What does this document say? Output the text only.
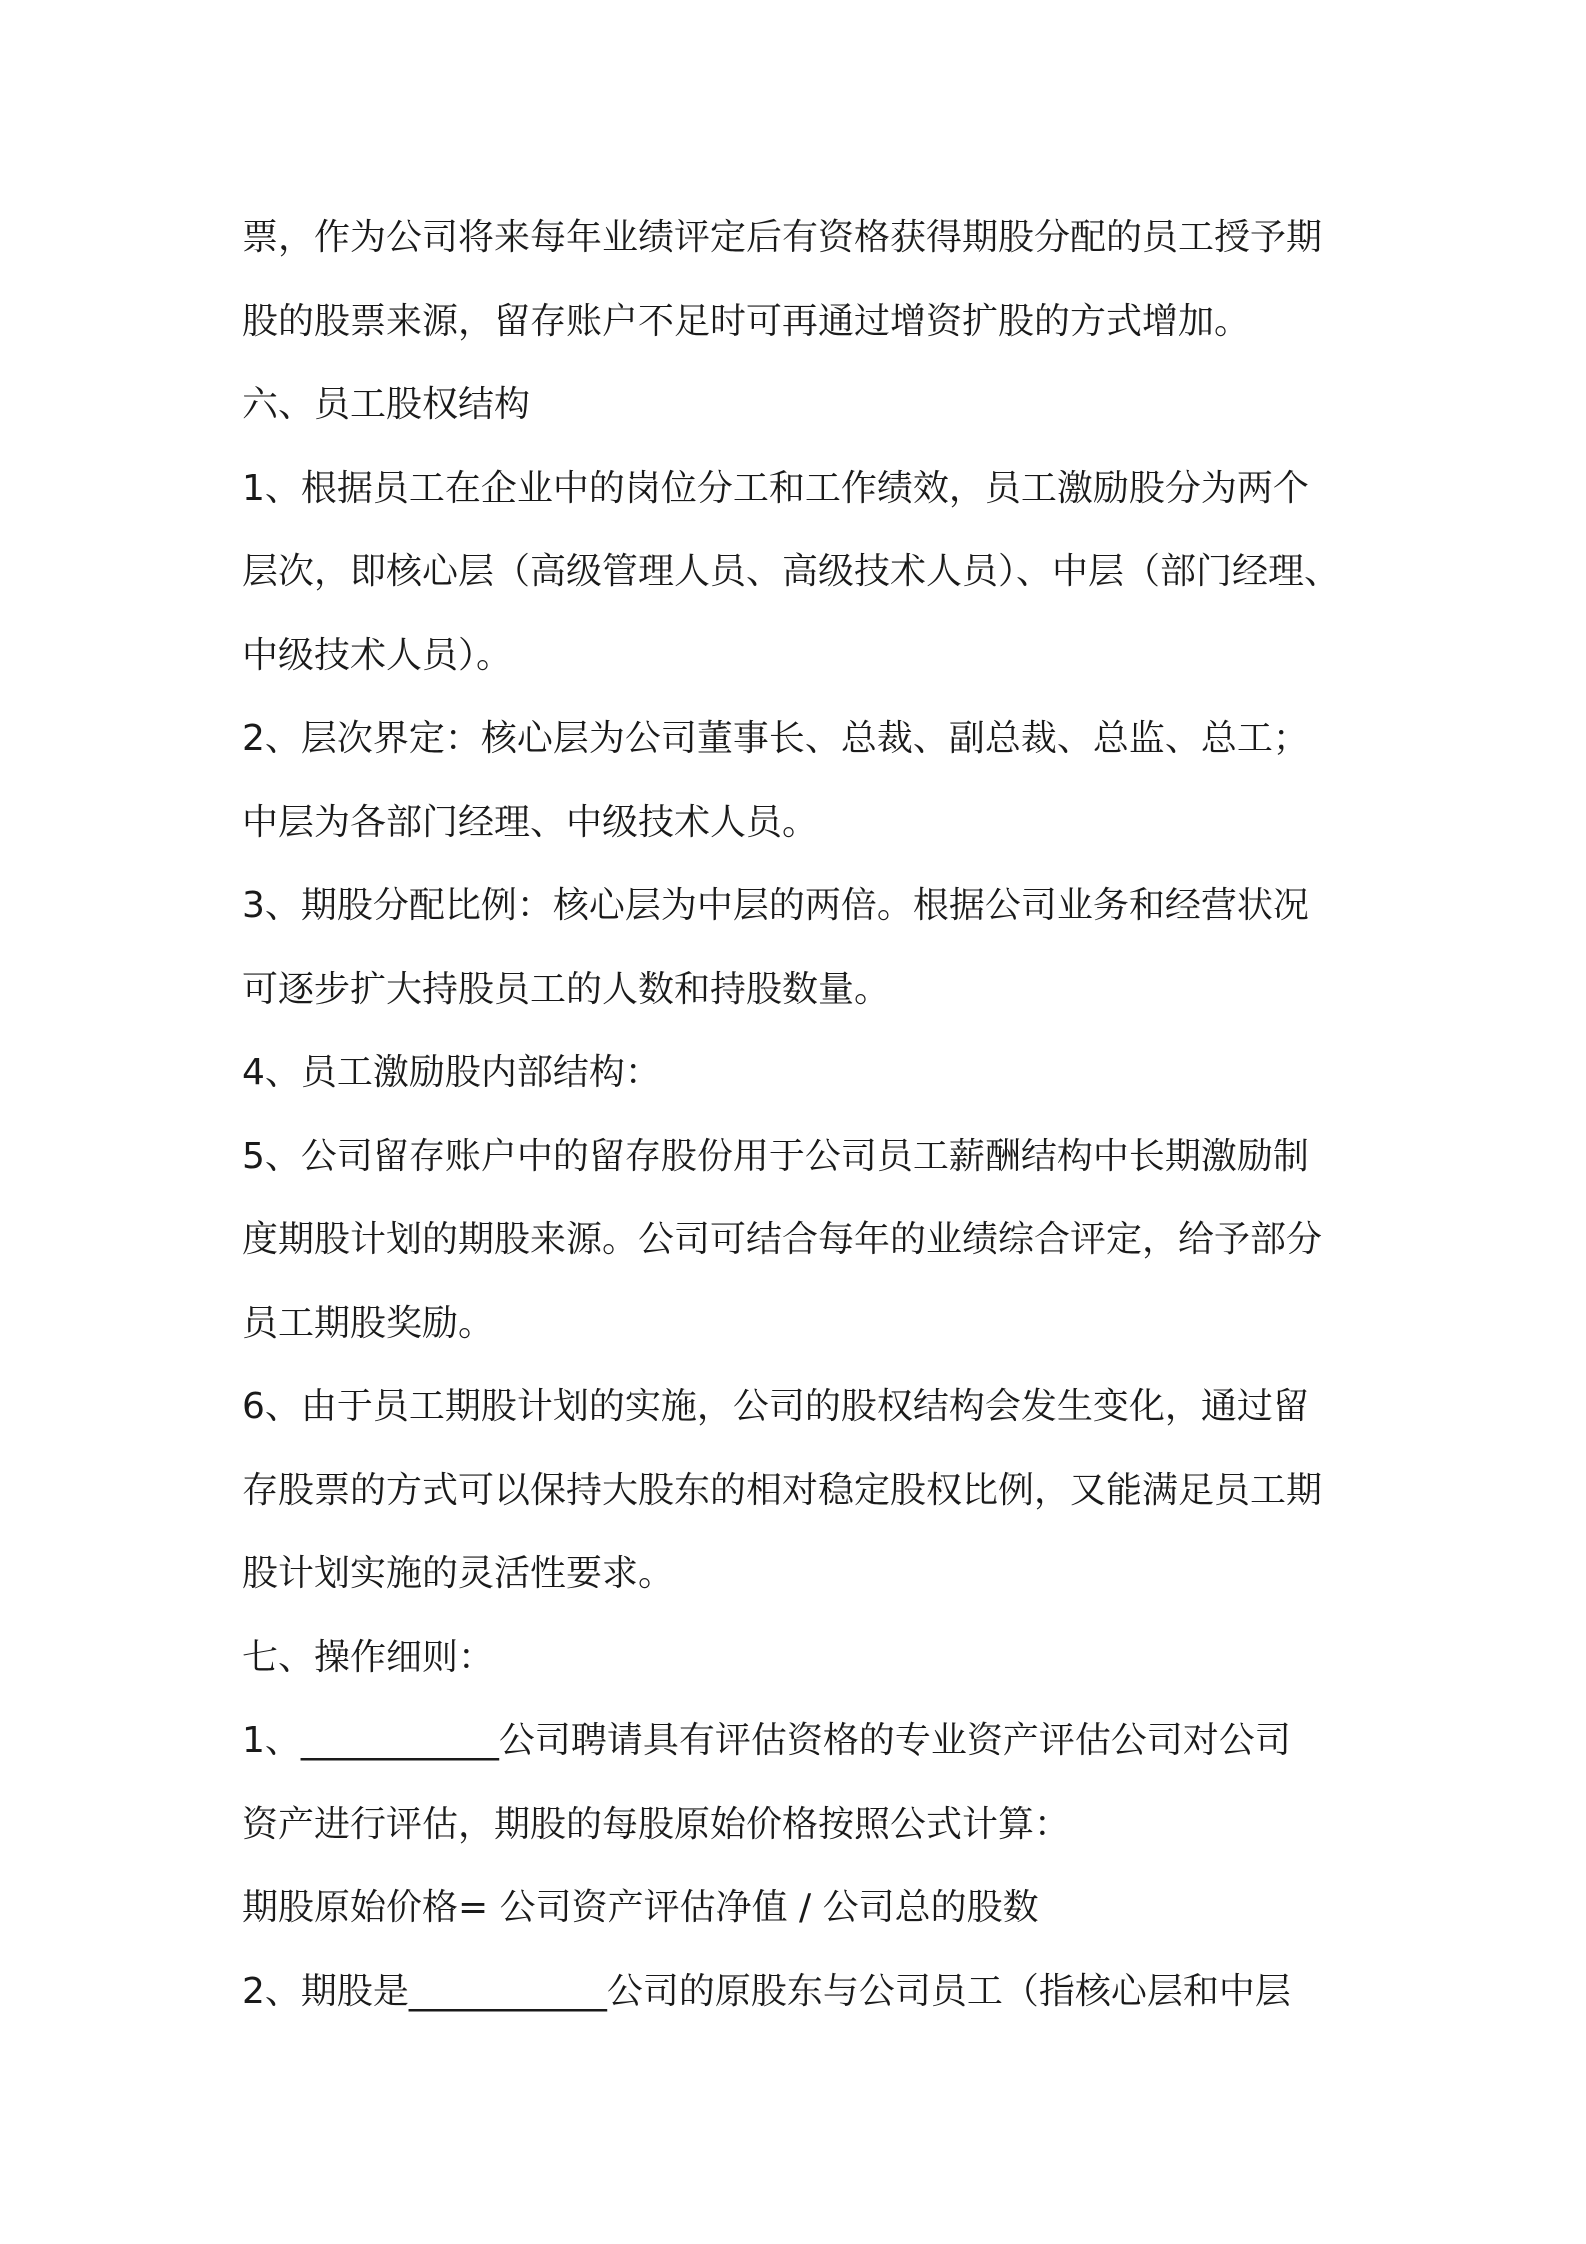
票，作为公司将来每年业绩评定后有资格获得期股分配的员工授予期
股的股票来源，留存账户不足时可再通过增资扩股的方式增加。
六、员工股权结构
1、根据员工在企业中的岗位分工和工作绩效，员工激励股分为两个
层次，即核心层（高级管理人员、高级技术人员）、中层（部门经理、
中级技术人员）。
2、层次界定：核心层为公司董事长、总裁、副总裁、总监、总工；
中层为各部门经理、中级技术人员。
3、期股分配比例：核心层为中层的两倍。根据公司业务和经营状况
可逐步扩大持股员工的人数和持股数量。
4、员工激励股内部结构：
5、公司留存账户中的留存股份用于公司员工薪酬结构中长期激励制
度期股计划的期股来源。公司可结合每年的业绩综合评定，给予部分
员工期股奖励。
6、由于员工期股计划的实施，公司的股权结构会发生变化，通过留
存股票的方式可以保持大股东的相对稳定股权比例，又能满足员工期
股计划实施的灵活性要求。
七、操作细则：
1、___________公司聘请具有评估资格的专业资产评估公司对公司
资产进行评估，期股的每股原始价格按照公式计算：
期股原始价格= 公司资产评估净值 / 公司总的股数
2、期股是___________公司的原股东与公司员工（指核心层和中层
